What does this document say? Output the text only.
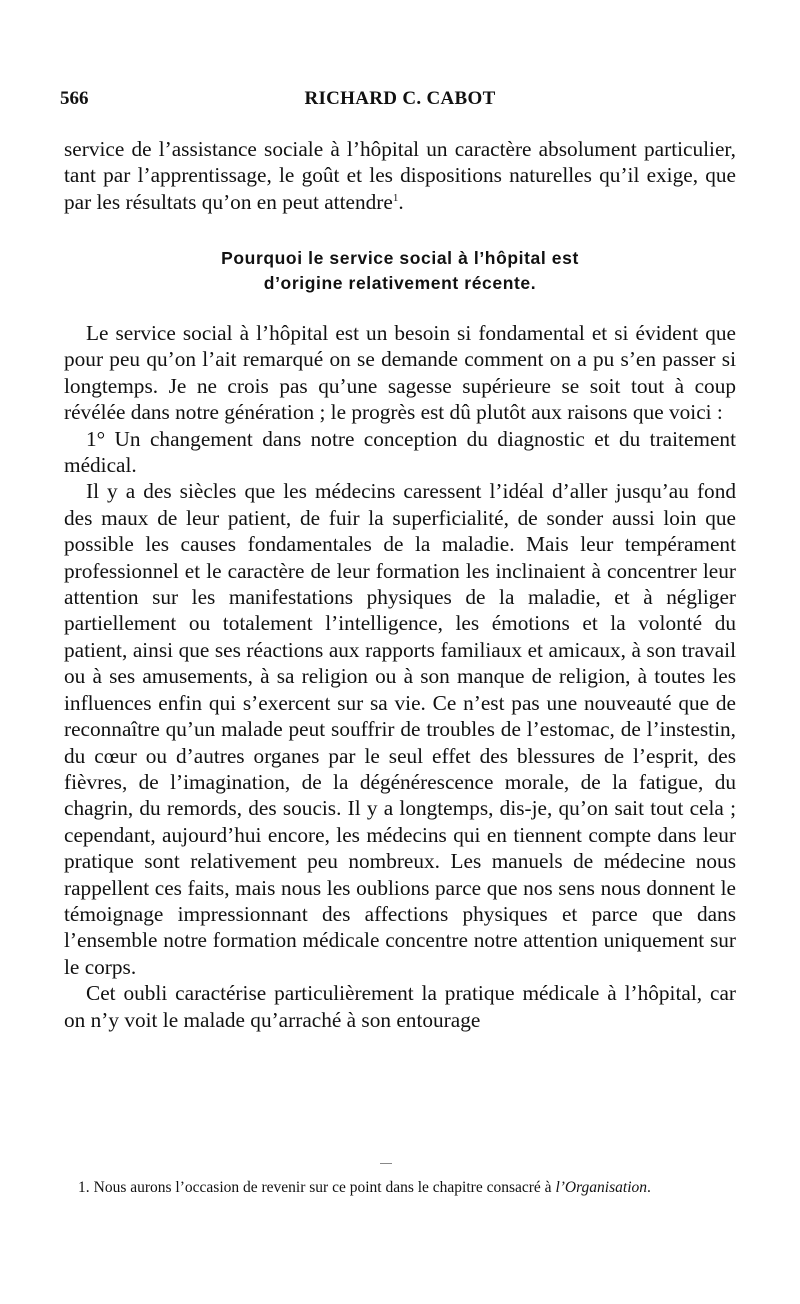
566	RICHARD C. CABOT

service de l’assistance sociale à l’hôpital un caractère absolument particulier, tant par l’apprentissage, le goût et les dispositions naturelles qu’il exige, que par les résultats qu’on en peut attendre$^1$.

Pourquoi le service social à l’hôpital est
d’origine relativement récente.

Le service social à l’hôpital est un besoin si fondamental et si évident que pour peu qu’on l’ait remarqué on se demande comment on a pu s’en passer si longtemps. Je ne crois pas qu’une sagesse supérieure se soit tout à coup révélée dans notre génération ; le progrès est dû plutôt aux raisons que voici :

1° Un changement dans notre conception du diagnostic et du traitement médical.

Il y a des siècles que les médecins caressent l’idéal d’aller jusqu’au fond des maux de leur patient, de fuir la superficialité, de sonder aussi loin que possible les causes fondamentales de la maladie. Mais leur tempérament professionnel et le caractère de leur formation les inclinaient à concentrer leur attention sur les manifestations physiques de la maladie, et à négliger partiellement ou totalement l’intelligence, les émotions et la volonté du patient, ainsi que ses réactions aux rapports familiaux et amicaux, à son travail ou à ses amusements, à sa religion ou à son manque de religion, à toutes les influences enfin qui s’exercent sur sa vie. Ce n’est pas une nouveauté que de reconnaître qu’un malade peut souffrir de troubles de l’estomac, de l’instestin, du cœur ou d’autres organes par le seul effet des blessures de l’esprit, des fièvres, de l’imagination, de la dégénérescence morale, de la fatigue, du chagrin, du remords, des soucis. Il y a longtemps, dis-je, qu’on sait tout cela ; cependant, aujourd’hui encore, les médecins qui en tiennent compte dans leur pratique sont relativement peu nombreux. Les manuels de médecine nous rappellent ces faits, mais nous les oublions parce que nos sens nous donnent le témoignage impressionnant des affections physiques et parce que dans l’ensemble notre formation médicale concentre notre attention uniquement sur le corps.

Cet oubli caractérise particulièrement la pratique médicale à l’hôpital, car on n’y voit le malade qu’arraché à son entourage

1. Nous aurons l’occasion de revenir sur ce point dans le chapitre consacré à l’Organisation.
